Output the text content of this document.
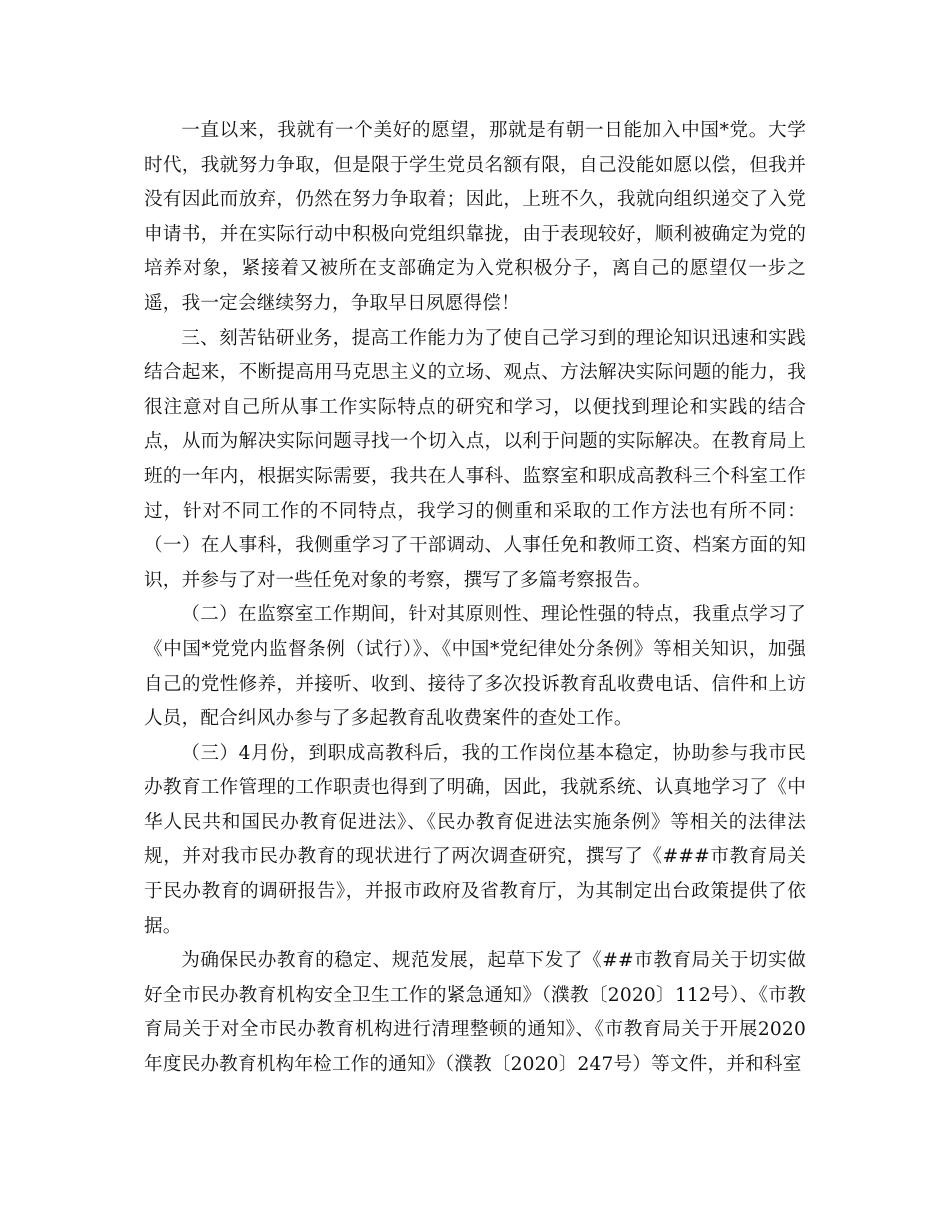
一直以来，我就有一个美好的愿望，那就是有朝一日能加入中国*党。大学时代，我就努力争取，但是限于学生党员名额有限，自己没能如愿以偿，但我并没有因此而放弃，仍然在努力争取着；因此，上班不久，我就向组织递交了入党申请书，并在实际行动中积极向党组织靠拢，由于表现较好，顺利被确定为党的培养对象，紧接着又被所在支部确定为入党积极分子，离自己的愿望仅一步之遥，我一定会继续努力，争取早日夙愿得偿！

三、刻苦钻研业务，提高工作能力为了使自己学习到的理论知识迅速和实践结合起来，不断提高用马克思主义的立场、观点、方法解决实际问题的能力，我很注意对自己所从事工作实际特点的研究和学习，以便找到理论和实践的结合点，从而为解决实际问题寻找一个切入点，以利于问题的实际解决。在教育局上班的一年内，根据实际需要，我共在人事科、监察室和职成高教科三个科室工作过，针对不同工作的不同特点，我学习的侧重和采取的工作方法也有所不同：（一）在人事科，我侧重学习了干部调动、人事任免和教师工资、档案方面的知识，并参与了对一些任免对象的考察，撰写了多篇考察报告。

（二）在监察室工作期间，针对其原则性、理论性强的特点，我重点学习了《中国*党党内监督条例（试行）》、《中国*党纪律处分条例》等相关知识，加强自己的党性修养，并接听、收到、接待了多次投诉教育乱收费电话、信件和上访人员，配合纠风办参与了多起教育乱收费案件的查处工作。

（三）4月份，到职成高教科后，我的工作岗位基本稳定，协助参与我市民办教育工作管理的工作职责也得到了明确，因此，我就系统、认真地学习了《中华人民共和国民办教育促进法》、《民办教育促进法实施条例》等相关的法律法规，并对我市民办教育的现状进行了两次调查研究，撰写了《###市教育局关于民办教育的调研报告》，并报市政府及省教育厅，为其制定出台政策提供了依据。

为确保民办教育的稳定、规范发展，起草下发了《##市教育局关于切实做好全市民办教育机构安全卫生工作的紧急通知》（濮教〔2020〕112号）、《市教育局关于对全市民办教育机构进行清理整顿的通知》、《市教育局关于开展2020年度民办教育机构年检工作的通知》（濮教〔2020〕247号）等文件，并和科室
